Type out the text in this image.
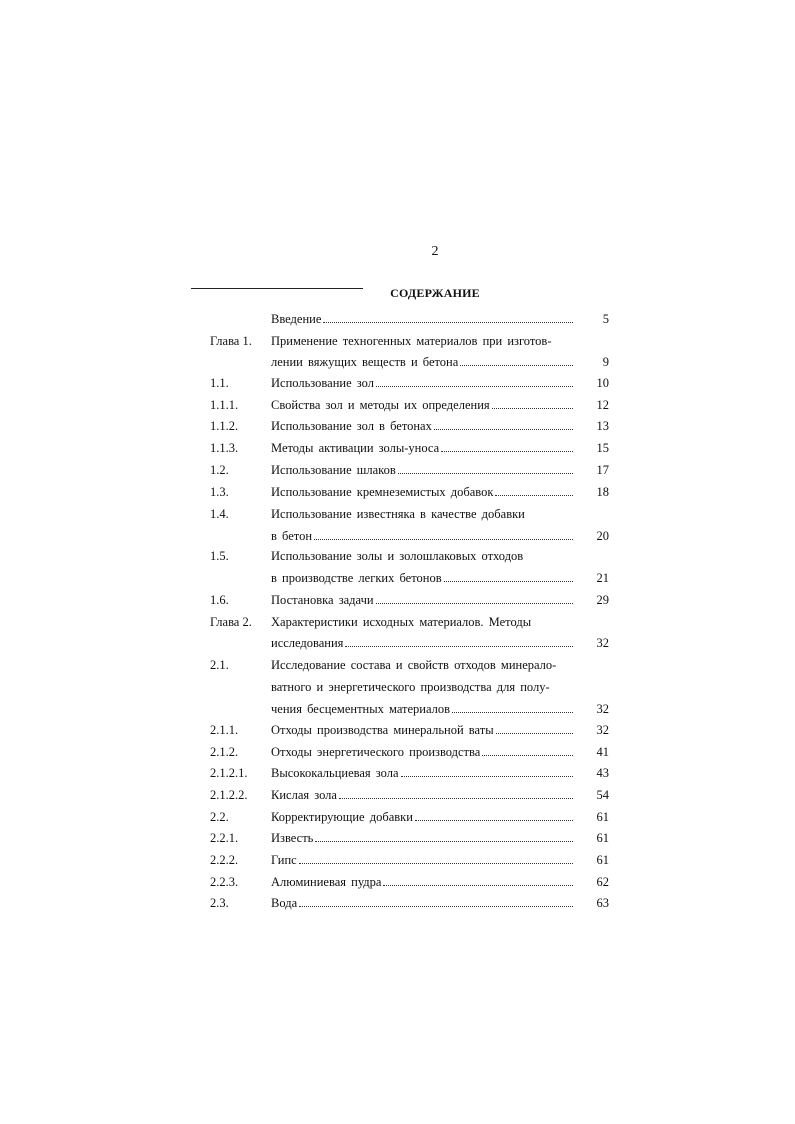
2
СОДЕРЖАНИЕ
Введение	5
Глава 1.	Применение техногенных материалов при изготов-
лении вяжущих веществ и бетона	9
1.1.	Использование зол	10
1.1.1.	Свойства зол и методы их определения	12
1.1.2.	Использование зол в бетонах	13
1.1.3.	Методы активации золы-уноса	15
1.2.	Использование шлаков	17
1.3.	Использование кремнеземистых добавок	18
1.4.	Использование известняка в качестве добавки
в бетон	20
1.5.	Использование золы и золошлаковых отходов
в производстве легких бетонов	21
1.6.	Постановка задачи	29
Глава 2.	Характеристики исходных материалов. Методы
исследования	32
2.1.	Исследование состава и свойств отходов минерало-
ватного и энергетического производства для полу-
чения бесцементных материалов	32
2.1.1.	Отходы производства минеральной ваты	32
2.1.2.	Отходы энергетического производства	41
2.1.2.1.	Высококальциевая зола	43
2.1.2.2.	Кислая зола	54
2.2.	Корректирующие добавки	61
2.2.1.	Известь	61
2.2.2.	Гипс	61
2.2.3.	Алюминиевая пудра	62
2.3.	Вода	63
